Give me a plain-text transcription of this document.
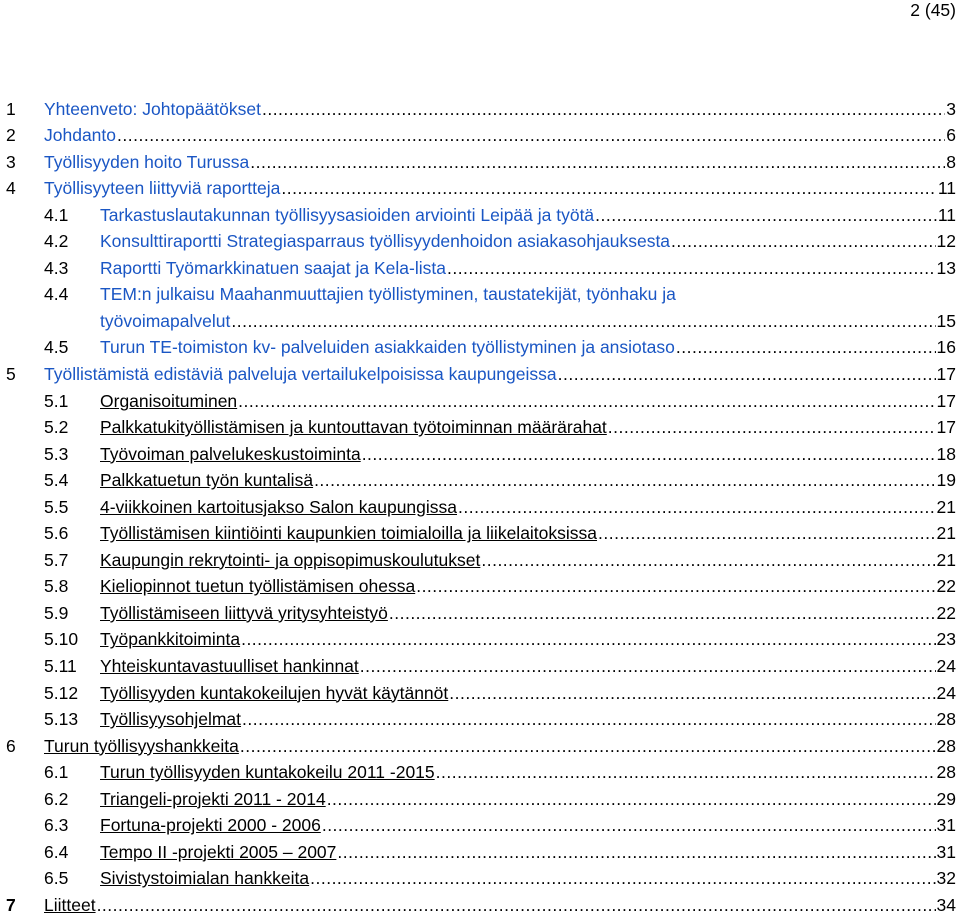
2 (45)
1	Yhteenveto: Johtopäätökset .....	3
2	Johdanto .....	6
3	Työllisyyden hoito Turussa .....	8
4	Työllisyyteen liittyviä raportteja .....	11
4.1	Tarkastuslautakunnan työllisyysasioiden arviointi Leipää ja työtä .....	11
4.2	Konsulttiraportti Strategiasparraus työllisyydenhoidon asiakasohjauksesta .....	12
4.3	Raportti Työmarkkinatuen saajat ja Kela-lista .....	13
4.4	TEM:n julkaisu Maahanmuuttajien työllistyminen, taustatekijät, työnhaku ja
työvoimapalvelut .....	15
4.5	Turun TE-toimiston kv- palveluiden asiakkaiden työllistyminen ja ansiotaso .....	16
5	Työllistämistä edistäviä palveluja vertailukelpoisissa kaupungeissa .....	17
5.1	Organisoituminen .....	17
5.2	Palkkatukityöllistämisen ja kuntouttavan työtoiminnan määrärahat .....	17
5.3	Työvoiman palvelukeskustoiminta .....	18
5.4	Palkkatuetun työn kuntalisä .....	19
5.5	4-viikkoinen kartoitusjakso Salon kaupungissa .....	21
5.6	Työllistämisen kiintiöinti kaupunkien toimialoilla ja liikelaitoksissa .....	21
5.7	Kaupungin rekrytointi- ja oppisopimuskoulutukset .....	21
5.8	Kieliopinnot tuetun työllistämisen ohessa .....	22
5.9	Työllistämiseen liittyvä yritysyhteistyö .....	22
5.10	Työpankkitoiminta .....	23
5.11	Yhteiskuntavastuulliset hankinnat .....	24
5.12	Työllisyyden kuntakokeilujen hyvät käytännöt .....	24
5.13	Työllisyysohjelmat .....	28
6	Turun työllisyyshankkeita .....	28
6.1	Turun työllisyyden kuntakokeilu 2011 -2015 .....	28
6.2	Triangeli-projekti 2011 - 2014 .....	29
6.3	Fortuna-projekti 2000 - 2006 .....	31
6.4	Tempo II -projekti 2005 – 2007 .....	31
6.5	Sivistystoimialan hankkeita .....	32
7	Liitteet .....	34
